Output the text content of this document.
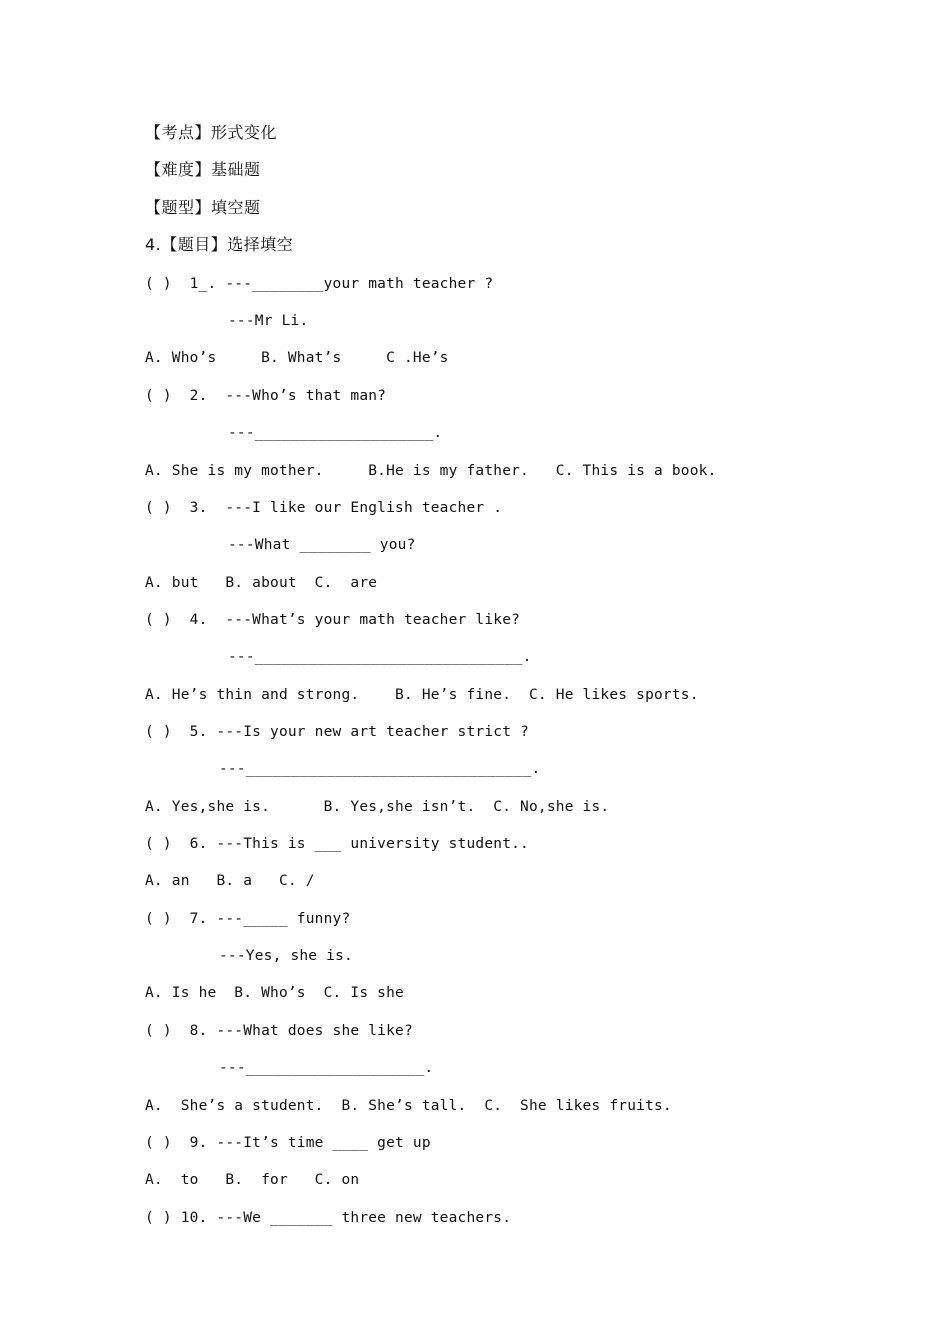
【考点】形式变化
【难度】基础题
【题型】填空题
4.【题目】选择填空
( )  1_. ---________your math teacher ?
---Mr Li.
A. Who’s     B. What’s     C .He’s
( )  2.  ---Who’s that man?
---____________________.
A. She is my mother.     B.He is my father.   C. This is a book.
( )  3.  ---I like our English teacher .
---What ________ you?
A. but   B. about  C.  are
( )  4.  ---What’s your math teacher like?
---______________________________.
A. He’s thin and strong.    B. He’s fine.  C. He likes sports.
( )  5. ---Is your new art teacher strict ?
---________________________________.
A. Yes,she is.      B. Yes,she isn’t.  C. No,she is.
( )  6. ---This is ___ university student..
A. an   B. a   C. /
( )  7. ---_____ funny?
---Yes, she is.
A. Is he  B. Who’s  C. Is she
( )  8. ---What does she like?
---____________________.
A.  She’s a student.  B. She’s tall.  C.  She likes fruits.
( )  9. ---It’s time ____ get up
A.  to   B.  for   C. on
( ) 10. ---We _______ three new teachers.
